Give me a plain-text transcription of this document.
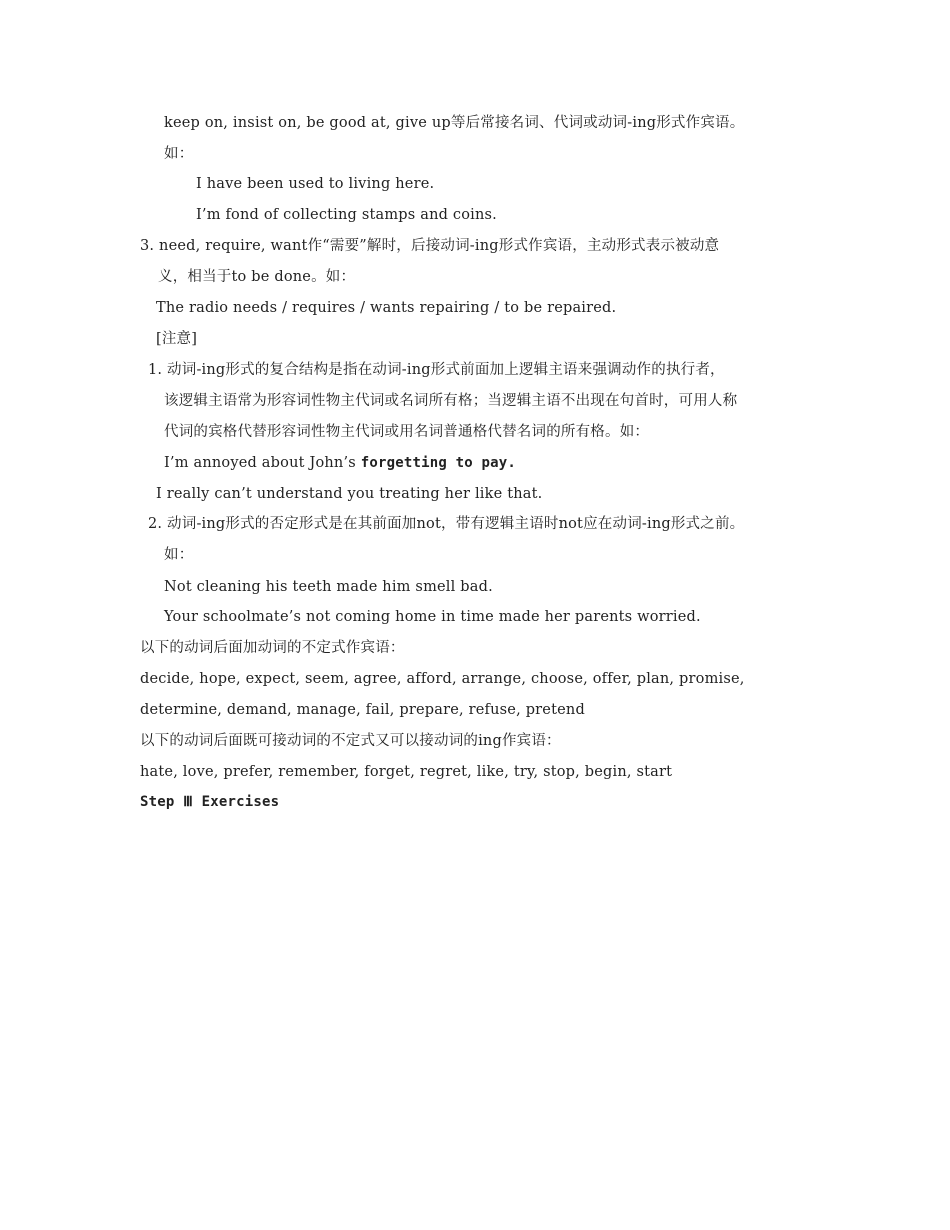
keep on, insist on, be good at, give up等后常接名词、代词或动词-ing形式作宾语。
如：
I have been used to living here.
I’m fond of collecting stamps and coins.
3. need, require, want作“需要”解时，后接动词-ing形式作宾语，主动形式表示被动意
义，相当于to be done。如：
The radio needs / requires / wants repairing / to be repaired.
[注意]
1. 动词-ing形式的复合结构是指在动词-ing形式前面加上逻辑主语来强调动作的执行者，
该逻辑主语常为形容词性物主代词或名词所有格；当逻辑主语不出现在句首时，可用人称
代词的宾格代替形容词性物主代词或用名词普通格代替名词的所有格。如：
I’m annoyed about John’s forgetting to pay.
I really can’t understand you treating her like that.
2. 动词-ing形式的否定形式是在其前面加not，带有逻辑主语时not应在动词-ing形式之前。
如：
Not cleaning his teeth made him smell bad.
Your schoolmate’s not coming home in time made her parents worried.
以下的动词后面加动词的不定式作宾语：
decide, hope, expect, seem, agree, afford, arrange, choose, offer, plan, promise,
determine, demand, manage, fail, prepare, refuse, pretend
以下的动词后面既可接动词的不定式又可以接动词的ing作宾语：
hate, love, prefer, remember, forget, regret, like, try, stop, begin, start
Step Ⅲ Exercises
